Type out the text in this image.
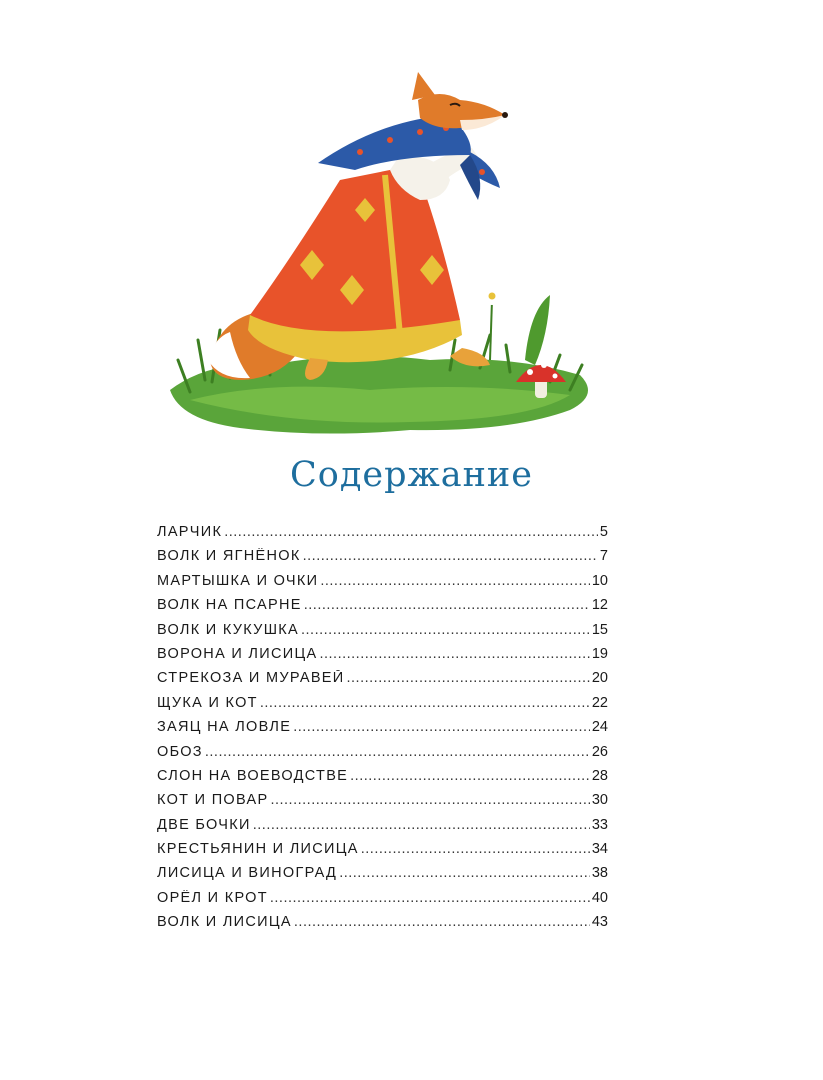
Содержание
ЛАРЧИК .....	5
ВОЛК И ЯГНЁНОК .....	7
МАРТЫШКА И ОЧКИ .....	10
ВОЛК НА ПСАРНЕ .....	12
ВОЛК И КУКУШКА .....	15
ВОРОНА И ЛИСИЦА .....	19
СТРЕКОЗА И МУРАВЕЙ .....	20
ЩУКА И КОТ .....	22
ЗАЯЦ НА ЛОВЛЕ .....	24
ОБОЗ .....	26
СЛОН НА ВОЕВОДСТВЕ .....	28
КОТ И ПОВАР .....	30
ДВЕ БОЧКИ .....	33
КРЕСТЬЯНИН И ЛИСИЦА .....	34
ЛИСИЦА И ВИНОГРАД .....	38
ОРЁЛ И КРОТ .....	40
ВОЛК И ЛИСИЦА .....	43
